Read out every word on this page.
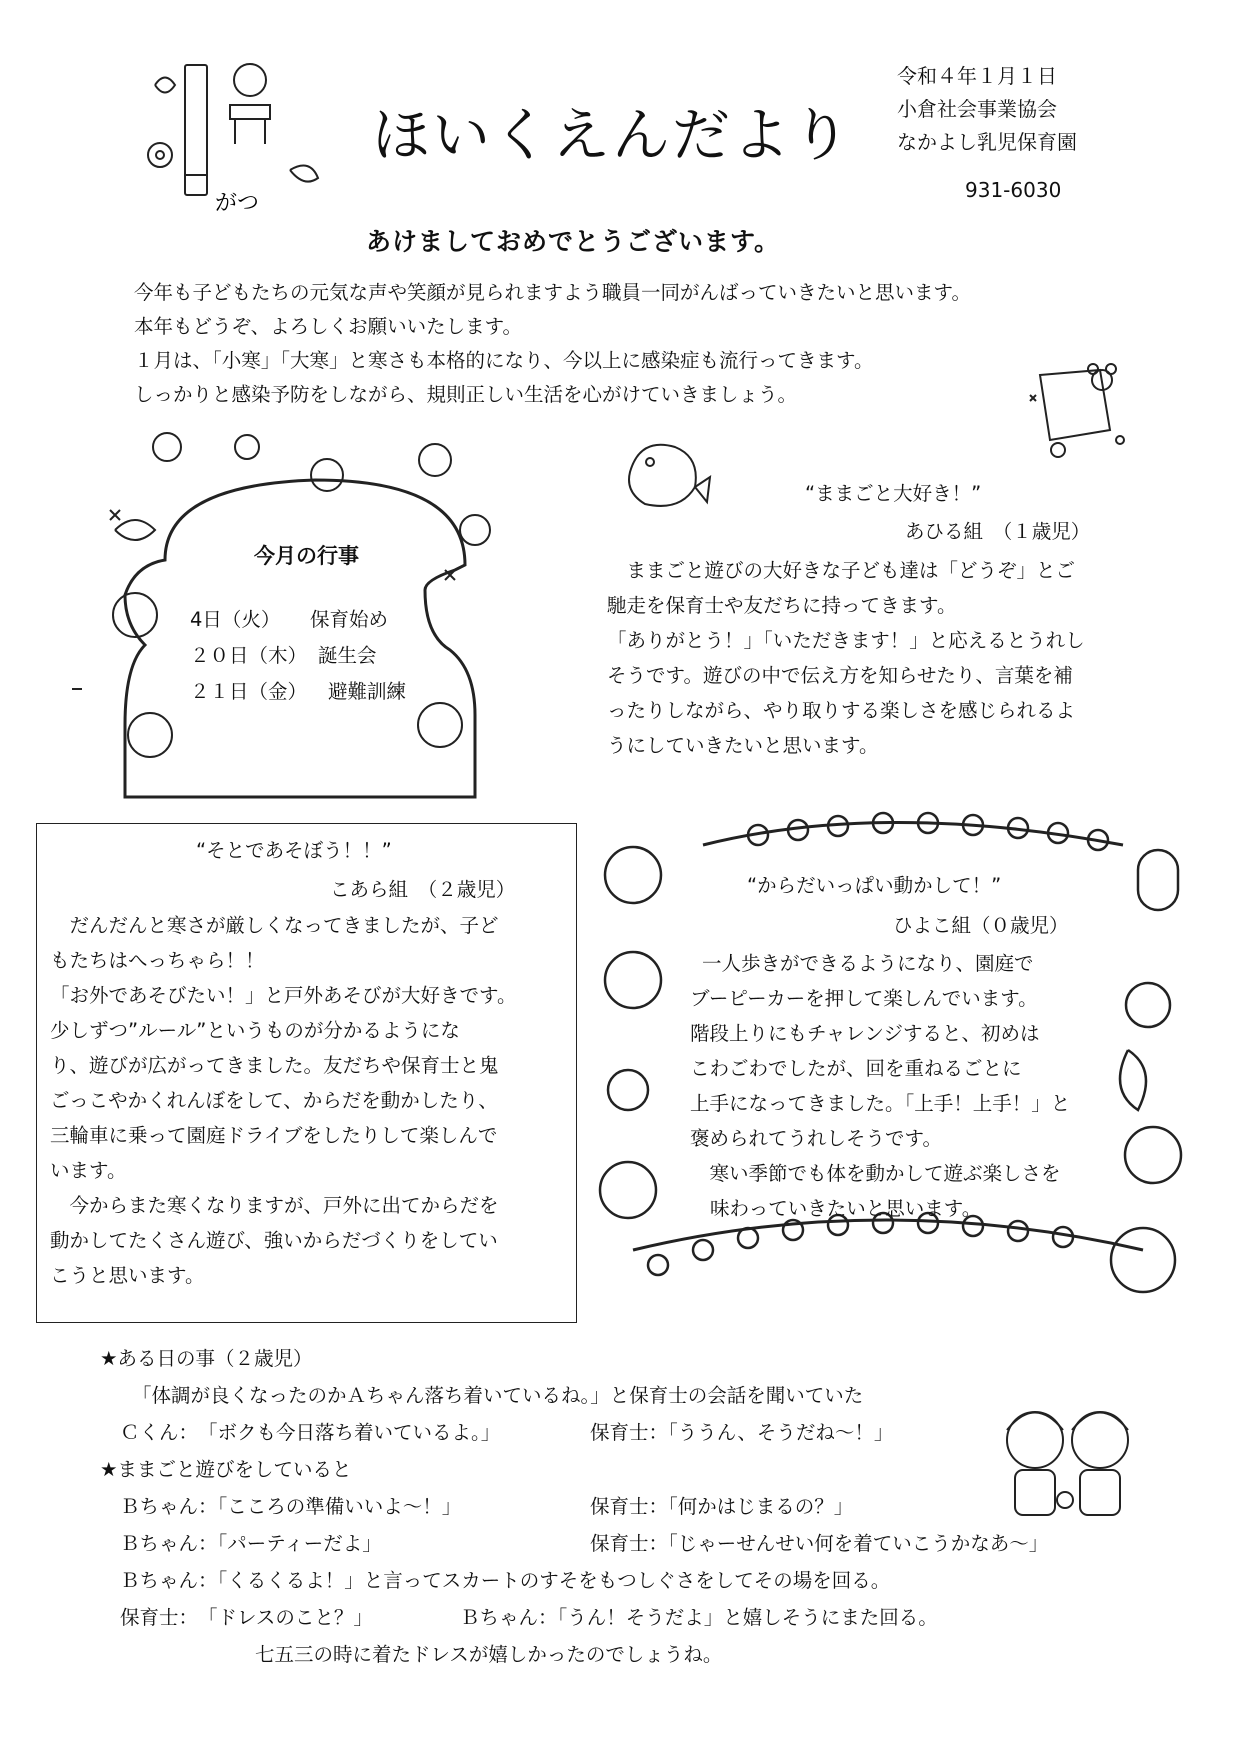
がつ
1	ほいくえんだより
令和４年１月１日
小倉社会事業協会
なかよし乳児保育園
931-6030
あけましておめでとうございます。
今年も子どもたちの元気な声や笑顔が見られますよう職員一同がんばっていきたいと思います。
本年もどうぞ、よろしくお願いいたします。
１月は、「小寒」「大寒」と寒さも本格的になり、今以上に感染症も流行ってきます。
しっかりと感染予防をしながら、規則正しい生活を心がけていきましょう。
今月の行事
4日（火） 保育始め
２０日（木） 誕生会
２１日（金） 避難訓練
“ままごと大好き！”
あひる組　（１歳児）
　ままごと遊びの大好きな子ども達は「どうぞ」とご
馳走を保育士や友だちに持ってきます。
「ありがとう！」「いただきます！」と応えるとうれし
そうです。遊びの中で伝え方を知らせたり、言葉を補
ったりしながら、やり取りする楽しさを感じられるよ
うにしていきたいと思います。
“そとであそぼう！！”
こあら組　（２歳児）
　だんだんと寒さが厳しくなってきましたが、子ど
もたちはへっちゃら！！
「お外であそびたい！」と戸外あそびが大好きです。
少しずつ”ルール”というものが分かるようにな
り、遊びが広がってきました。友だちや保育士と鬼
ごっこやかくれんぼをして、からだを動かしたり、
三輪車に乗って園庭ドライブをしたりして楽しんで
います。
　今からまた寒くなりますが、戸外に出てからだを
動かしてたくさん遊び、強いからだづくりをしてい
こうと思います。
“からだいっぱい動かして！”
ひよこ組（０歳児）
一人歩きができるようになり、園庭で
ブーピーカーを押して楽しんでいます。
階段上りにもチャレンジすると、初めは
こわごわでしたが、回を重ねるごとに
上手になってきました。「上手！上手！」と
褒められてうれしそうです。
　寒い季節でも体を動かして遊ぶ楽しさを
味わっていきたいと思います。
★ある日の事（２歳児）
「体調が良くなったのかＡちゃん落ち着いているね。」と保育士の会話を聞いていた
Ｃくん：　「ボクも今日落ち着いているよ。」	保育士：「ううん、そうだね～！」
★ままごと遊びをしていると
Ｂちゃん：「こころの準備いいよ～！」	保育士：「何かはじまるの？」
Ｂちゃん：「パーティーだよ」	保育士：「じゃーせんせい何を着ていこうかなあ～」
Ｂちゃん：「くるくるよ！」と言ってスカートのすそをもつしぐさをしてその場を回る。
保育士：　「ドレスのこと？」	Ｂちゃん：「うん！そうだよ」と嬉しそうにまた回る。
七五三の時に着たドレスが嬉しかったのでしょうね。
